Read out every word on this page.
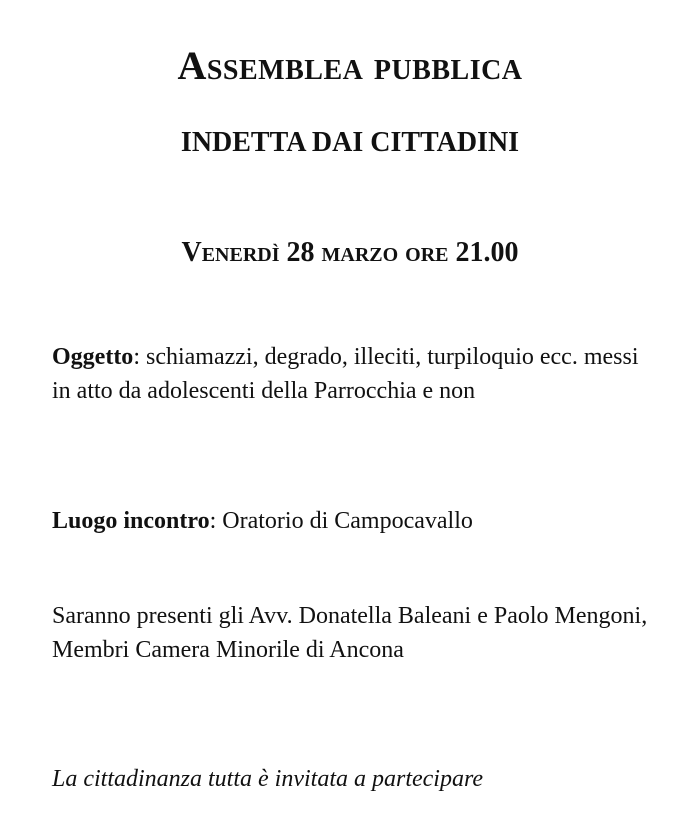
Assemblea pubblica
INDETTA DAI CITTADINI
Venerdì 28 marzo ore 21.00
Oggetto: schiamazzi, degrado, illeciti, turpiloquio ecc. messi in atto da adolescenti della Parrocchia e non
Luogo incontro: Oratorio di Campocavallo
Saranno presenti gli Avv. Donatella Baleani e Paolo Mengoni, Membri Camera Minorile di Ancona
La cittadinanza tutta è invitata a partecipare
